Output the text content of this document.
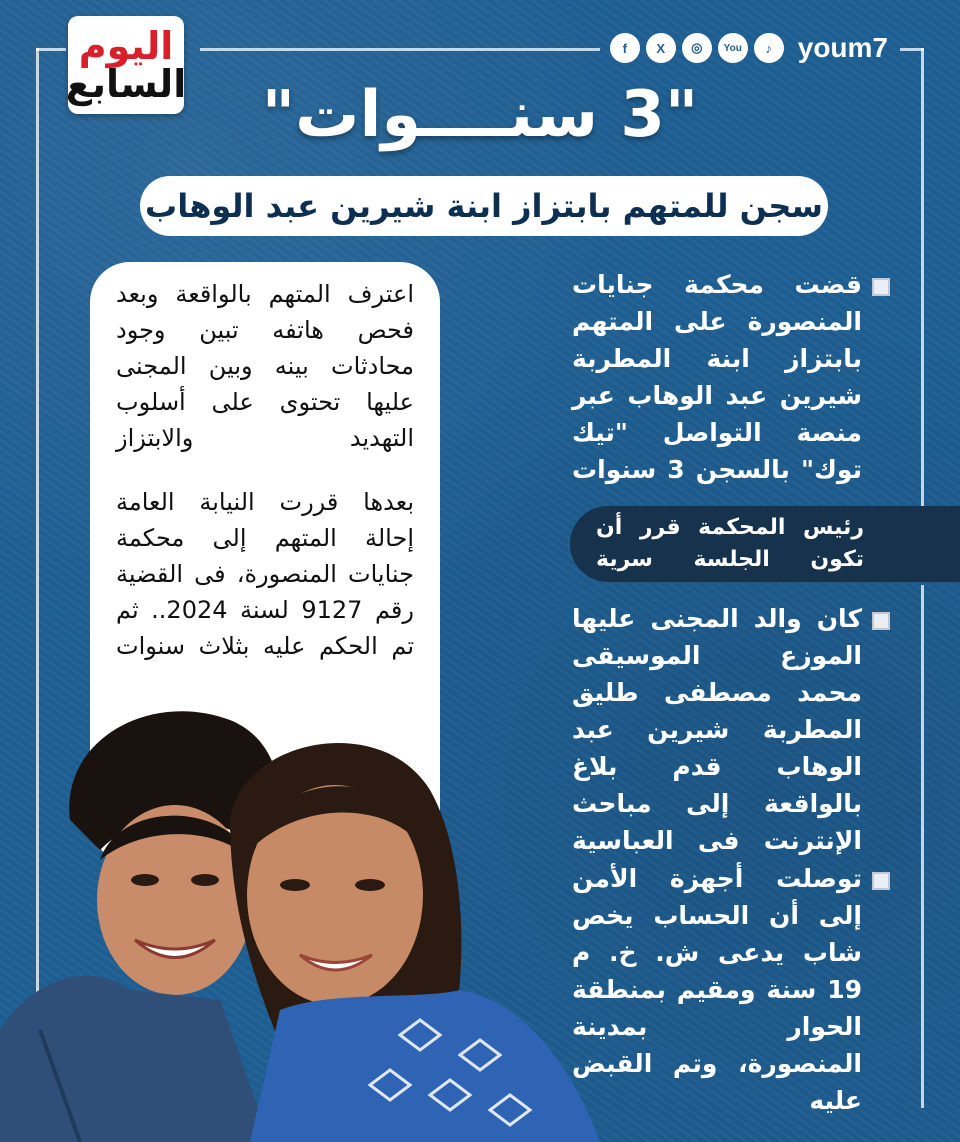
اليوم
السابع
f	X	◎	You	♪ youm7
"3 سنــــوات"
سجن للمتهم بابتزاز ابنة شيرين عبد الوهاب

قضت محكمة جنايات المنصورة على المتهم بابتزاز ابنة المطربة شيرين عبد الوهاب عبر منصة التواصل "تيك توك" بالسجن 3 سنوات

رئيس المحكمة قرر أن تكون الجلسة سرية

كان والد المجنى عليها الموزع الموسيقى محمد مصطفى طليق المطربة شيرين عبد الوهاب قدم بلاغ بالواقعة إلى مباحث الإنترنت فى العباسية

توصلت أجهزة الأمن إلى أن الحساب يخص شاب يدعى ش. خ. م 19 سنة ومقيم بمنطقة الحوار بمدينة المنصورة، وتم القبض عليه

اعترف المتهم بالواقعة وبعد فحص هاتفه تبين وجود محادثات بينه وبين المجنى عليها تحتوى على أسلوب التهديد والابتزاز

بعدها قررت النيابة العامة إحالة المتهم إلى محكمة جنايات المنصورة، فى القضية رقم 9127 لسنة 2024.. ثم تم الحكم عليه بثلاث سنوات
